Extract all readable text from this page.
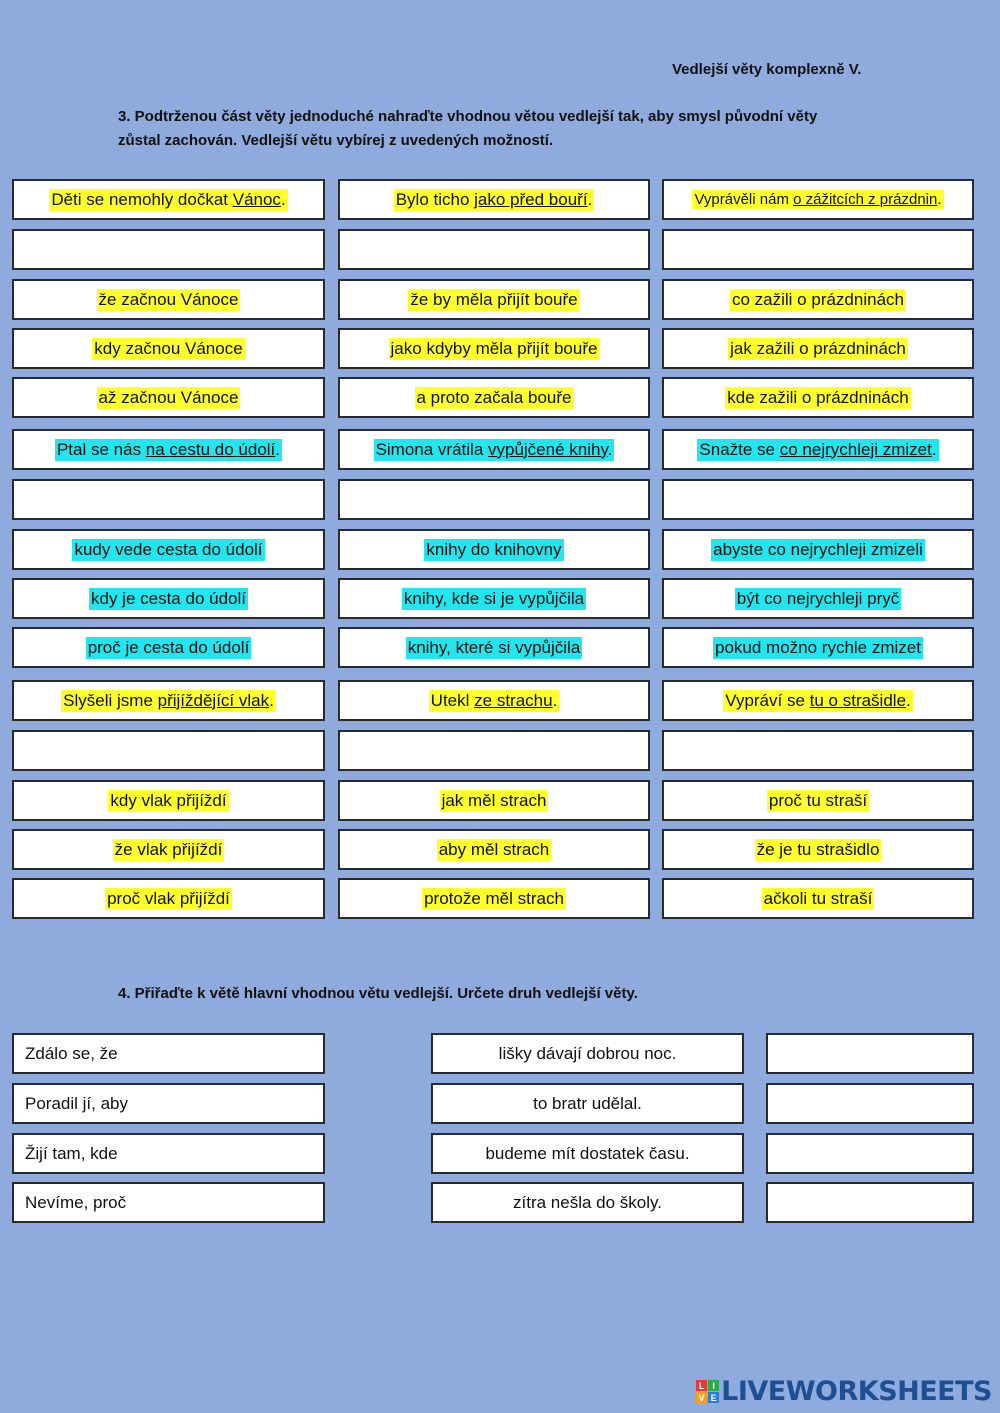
Vedlejší věty komplexně V.
3. Podtrženou část věty jednoduché nahraďte vhodnou větou vedlejší tak, aby smysl původní věty
zůstal zachován. Vedlejší větu vybírej z uvedených možností.
Děti se nemohly dočkat Vánoc.
že začnou Vánoce
kdy začnou Vánoce
až začnou Vánoce
Bylo ticho jako před bouří.
že by měla přijít bouře
jako kdyby měla přijít bouře
a proto začala bouře
Vyprávěli nám o zážitcích z prázdnin.
co zažili o prázdninách
jak zažili o prázdninách
kde zažili o prázdninách
Ptal se nás na cestu do údolí.
kudy vede cesta do údolí
kdy je cesta do údolí
proč je cesta do údolí
Simona vrátila vypůjčené knihy.
knihy do knihovny
knihy, kde si je vypůjčila
knihy, které si vypůjčila
Snažte se co nejrychleji zmizet.
abyste co nejrychleji zmizeli
být co nejrychleji pryč
pokud možno rychle zmizet
Slyšeli jsme přijíždějící vlak.
kdy vlak přijíždí
že vlak přijíždí
proč vlak přijíždí
Utekl ze strachu.
jak měl strach
aby měl strach
protože měl strach
Vypráví se tu o strašidle.
proč tu straší
že je tu strašidlo
ačkoli tu straší
4. Přiřaďte k větě hlavní vhodnou větu vedlejší. Určete druh vedlejší věty.
Zdálo se, že	lišky dávají dobrou noc.
Poradil jí, aby	to bratr udělal.
Žijí tam, kde	budeme mít dostatek času.
Nevíme, proč	zítra nešla do školy.
L I
V E LIVEWORKSHEETS
